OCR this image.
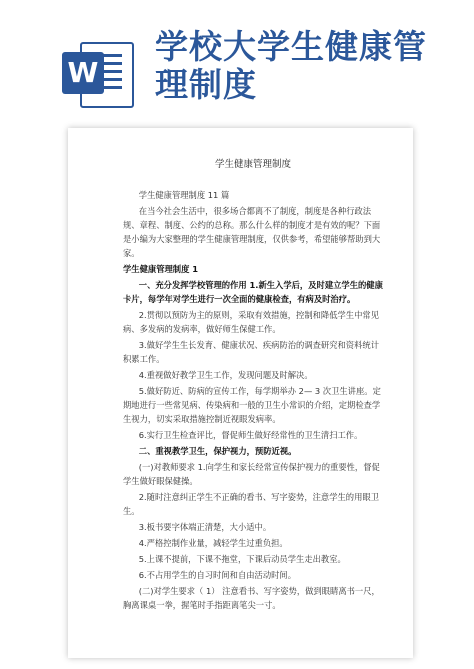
W
学校大学生健康管理制度

学生健康管理制度

学生健康管理制度 11 篇

在当今社会生活中，很多场合都离不了制度，制度是各种行政法规、章程、制度、公约的总称。那么什么样的制度才是有效的呢？下面是小编为大家整理的学生健康管理制度，仅供参考，希望能够帮助到大家。

学生健康管理制度 1

一、充分发挥学校管理的作用 1.新生入学后，及时建立学生的健康卡片，每学年对学生进行一次全面的健康检查，有病及时治疗。

2.贯彻以预防为主的原则，采取有效措施，控制和降低学生中常见病、多发病的发病率，做好师生保健工作。

3.做好学生生长发育、健康状况、疾病防治的调查研究和资料统计积累工作。

4.重视做好教学卫生工作，发现问题及时解决。

5.做好防近、防病的宣传工作，每学期举办 2— 3 次卫生讲座。定期地进行一些常见病、传染病和一般的卫生小常识的介绍，定期检查学生视力，切实采取措施控制近视眼发病率。

6.实行卫生检查评比，督促师生做好经常性的卫生清扫工作。

二、重视教学卫生，保护视力，预防近视。

(一)对教师要求 1.向学生和家长经常宣传保护视力的重要性，督促学生做好眼保健操。

2.随时注意纠正学生不正确的看书、写字姿势，注意学生的用眼卫生。

3.板书要字体端正清楚，大小适中。

4.严格控制作业量，减轻学生过重负担。

5.上课不提前，下课不拖堂，下课后动员学生走出教室。

6.不占用学生的自习时间和自由活动时间。

(二)对学生要求（ 1） 注意看书、写字姿势，做到眼睛离书一尺，胸离课桌一拳，握笔时手指距离笔尖一寸。
